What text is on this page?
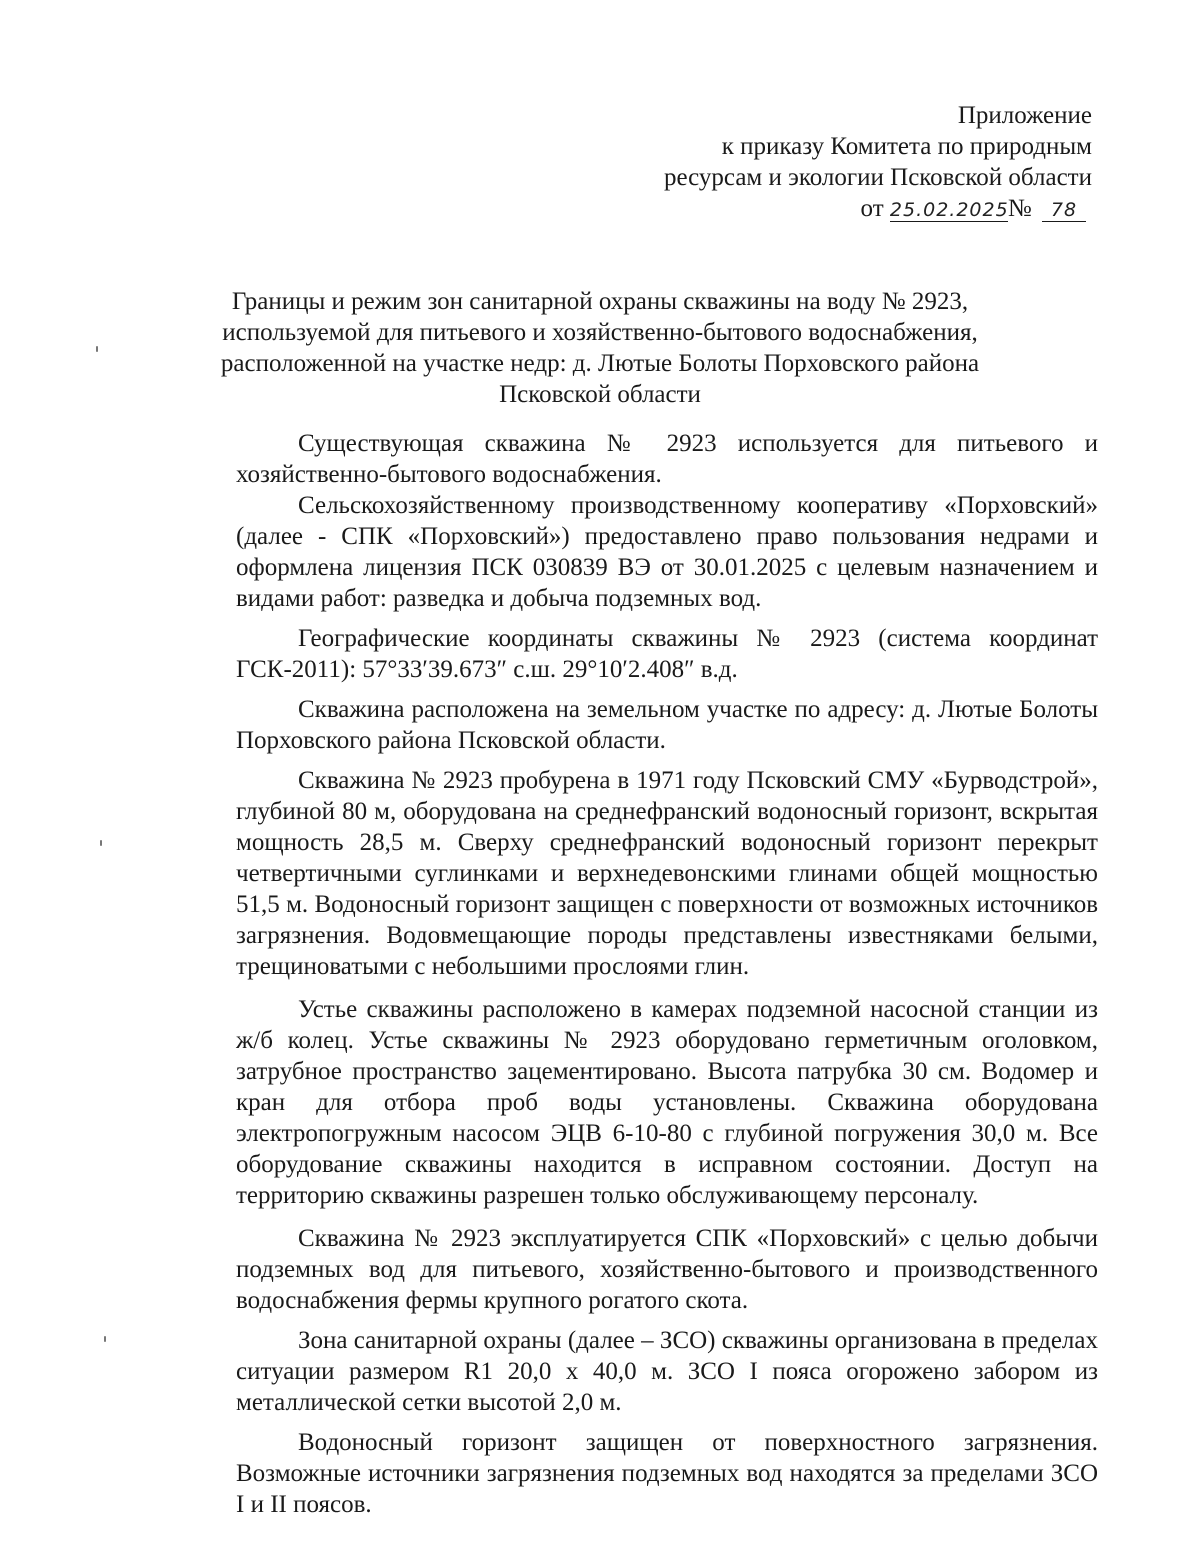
Приложение
к приказу Комитета по природным
ресурсам и экологии Псковской области
от 25.02.2025№ 78
Границы и режим зон санитарной охраны скважины на воду № 2923,
используемой для питьевого и хозяйственно-бытового водоснабжения,
расположенной на участке недр: д. Лютые Болоты Порховского района
Псковской области

Существующая скважина № 2923 используется для питьевого и хозяйственно-бытового водоснабжения.

Сельскохозяйственному производственному кооперативу «Порховский» (далее - СПК «Порховский») предоставлено право пользования недрами и оформлена лицензия ПСК 030839 ВЭ от 30.01.2025 с целевым назначением и видами работ: разведка и добыча подземных вод.

Географические координаты скважины № 2923 (система координат ГСК-2011): 57°33′39.673″ с.ш. 29°10′2.408″ в.д.

Скважина расположена на земельном участке по адресу: д. Лютые Болоты Порховского района Псковской области.

Скважина № 2923 пробурена в 1971 году Псковский СМУ «Бурводстрой», глубиной 80 м, оборудована на среднефранский водоносный горизонт, вскрытая мощность 28,5 м. Сверху среднефранский водоносный горизонт перекрыт четвертичными суглинками и верхнедевонскими глинами общей мощностью 51,5 м. Водоносный горизонт защищен с поверхности от возможных источников загрязнения. Водовмещающие породы представлены известняками белыми, трещиноватыми с небольшими прослоями глин.

Устье скважины расположено в камерах подземной насосной станции из ж/б колец. Устье скважины № 2923 оборудовано герметичным оголовком, затрубное пространство зацементировано. Высота патрубка 30 см. Водомер и кран для отбора проб воды установлены. Скважина оборудована электропогружным насосом ЭЦВ 6-10-80 с глубиной погружения 30,0 м. Все оборудование скважины находится в исправном состоянии. Доступ на территорию скважины разрешен только обслуживающему персоналу.

Скважина № 2923 эксплуатируется СПК «Порховский» с целью добычи подземных вод для питьевого, хозяйственно-бытового и производственного водоснабжения фермы крупного рогатого скота.

Зона санитарной охраны (далее – ЗСО) скважины организована в пределах ситуации размером R1 20,0 х 40,0 м. ЗСО I пояса огорожено забором из металлической сетки высотой 2,0 м.

Водоносный горизонт защищен от поверхностного загрязнения. Возможные источники загрязнения подземных вод находятся за пределами ЗСО I и II поясов.
